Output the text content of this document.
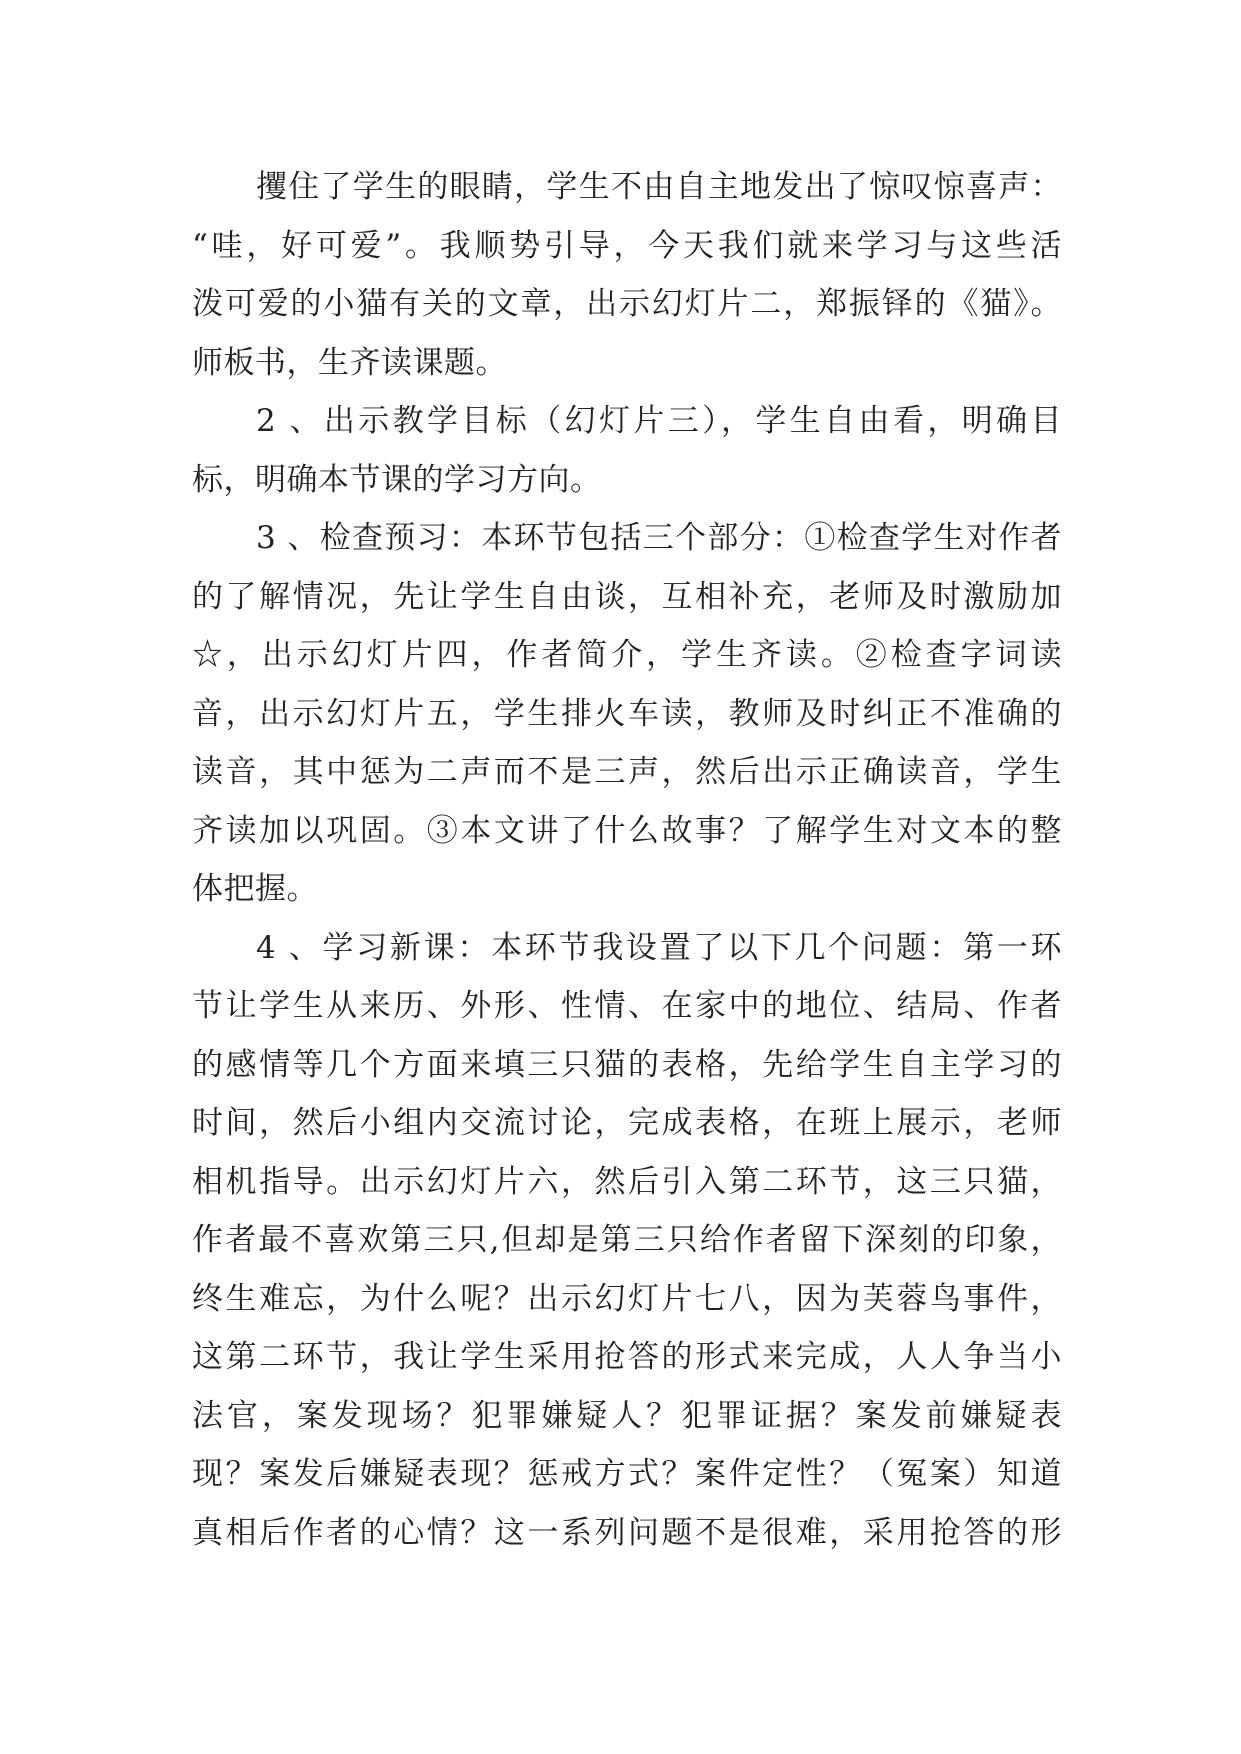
攫住了学生的眼睛，学生不由自主地发出了惊叹惊喜声：
“哇，好可爱”。我顺势引导，今天我们就来学习与这些活
泼可爱的小猫有关的文章，出示幻灯片二，郑振铎的《猫》。
师板书，生齐读课题。
2 、出示教学目标（幻灯片三），学生自由看，明确目
标，明确本节课的学习方向。
3 、检查预习：本环节包括三个部分：①检查学生对作者
的了解情况，先让学生自由谈，互相补充，老师及时激励加
☆，出示幻灯片四，作者简介，学生齐读。②检查字词读
音，出示幻灯片五，学生排火车读，教师及时纠正不准确的
读音，其中惩为二声而不是三声，然后出示正确读音，学生
齐读加以巩固。③本文讲了什么故事？了解学生对文本的整
体把握。
4 、学习新课：本环节我设置了以下几个问题：第一环
节让学生从来历、外形、性情、在家中的地位、结局、作者
的感情等几个方面来填三只猫的表格，先给学生自主学习的
时间，然后小组内交流讨论，完成表格，在班上展示，老师
相机指导。出示幻灯片六，然后引入第二环节，这三只猫，
作者最不喜欢第三只,但却是第三只给作者留下深刻的印象，
终生难忘，为什么呢？出示幻灯片七八，因为芙蓉鸟事件，
这第二环节，我让学生采用抢答的形式来完成，人人争当小
法官，案发现场？犯罪嫌疑人？犯罪证据？案发前嫌疑表
现？案发后嫌疑表现？惩戒方式？案件定性？（冤案）知道
真相后作者的心情？这一系列问题不是很难，采用抢答的形
